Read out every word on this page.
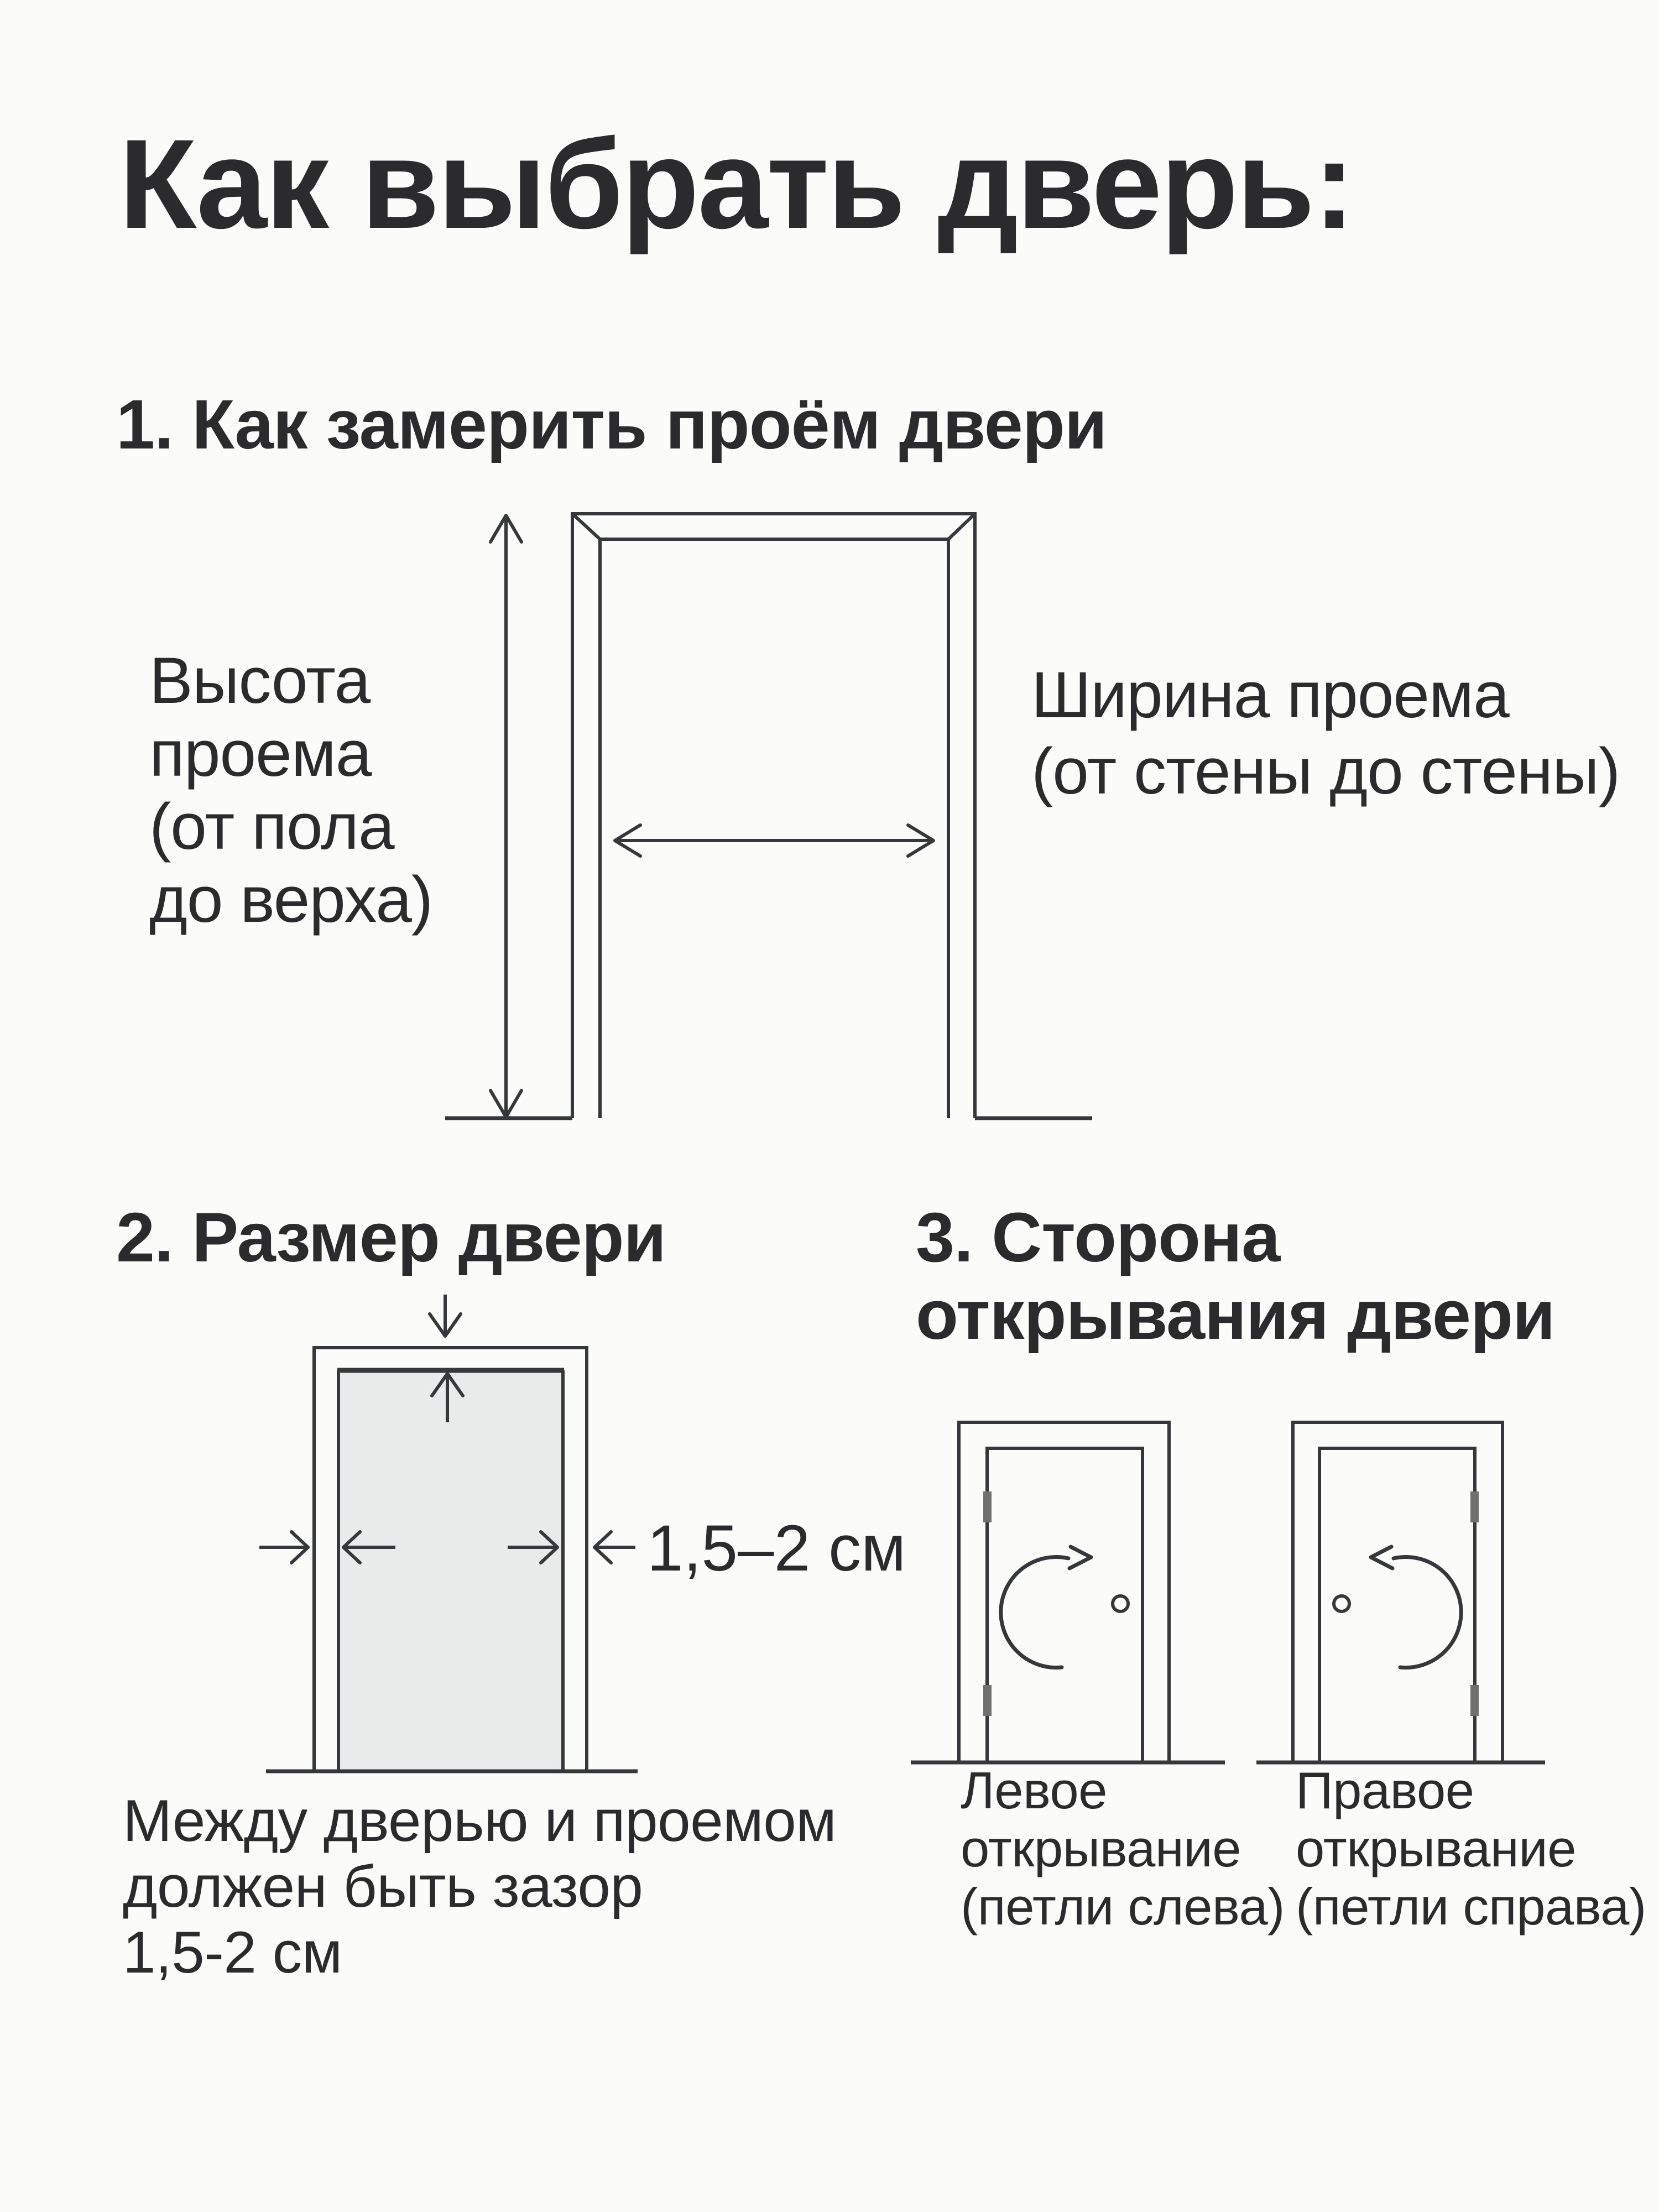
Как выбрать дверь:
1. Как замерить проём двери
Высота
проема
(от пола
до верха)
Ширина проема
(от стены до стены)
2. Размер двери	3. Сторона
открывания двери
1,5–2 см
Между дверью и проемом
должен быть зазор
1,5-2 см
Левое
открывание
(петли слева)
Правое
открывание
(петли справа)
